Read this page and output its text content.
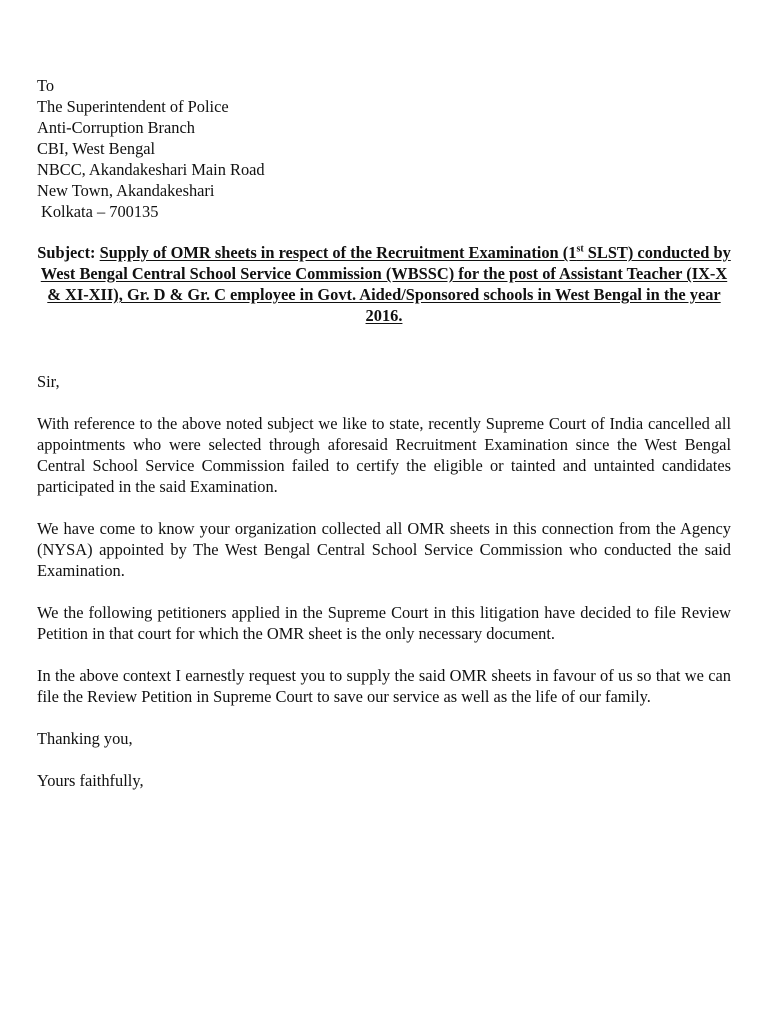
To
The Superintendent of Police
Anti-Corruption Branch
CBI, West Bengal
NBCC, Akandakeshari Main Road
New Town, Akandakeshari
Kolkata – 700135
Subject: Supply of OMR sheets in respect of the Recruitment Examination (1st SLST) conducted by West Bengal Central School Service Commission (WBSSC) for the post of Assistant Teacher (IX-X & XI-XII), Gr. D & Gr. C employee in Govt. Aided/Sponsored schools in West Bengal in the year 2016.
Sir,
With reference to the above noted subject we like to state, recently Supreme Court of India cancelled all appointments who were selected through aforesaid Recruitment Examination since the West Bengal Central School Service Commission failed to certify the eligible or tainted and untainted candidates participated in the said Examination.
We have come to know your organization collected all OMR sheets in this connection from the Agency (NYSA) appointed by The West Bengal Central School Service Commission who conducted the said Examination.
We the following petitioners applied in the Supreme Court in this litigation have decided to file Review Petition in that court for which the OMR sheet is the only necessary document.
In the above context I earnestly request you to supply the said OMR sheets in favour of us so that we can file the Review Petition in Supreme Court to save our service as well as the life of our family.
Thanking you,
Yours faithfully,
